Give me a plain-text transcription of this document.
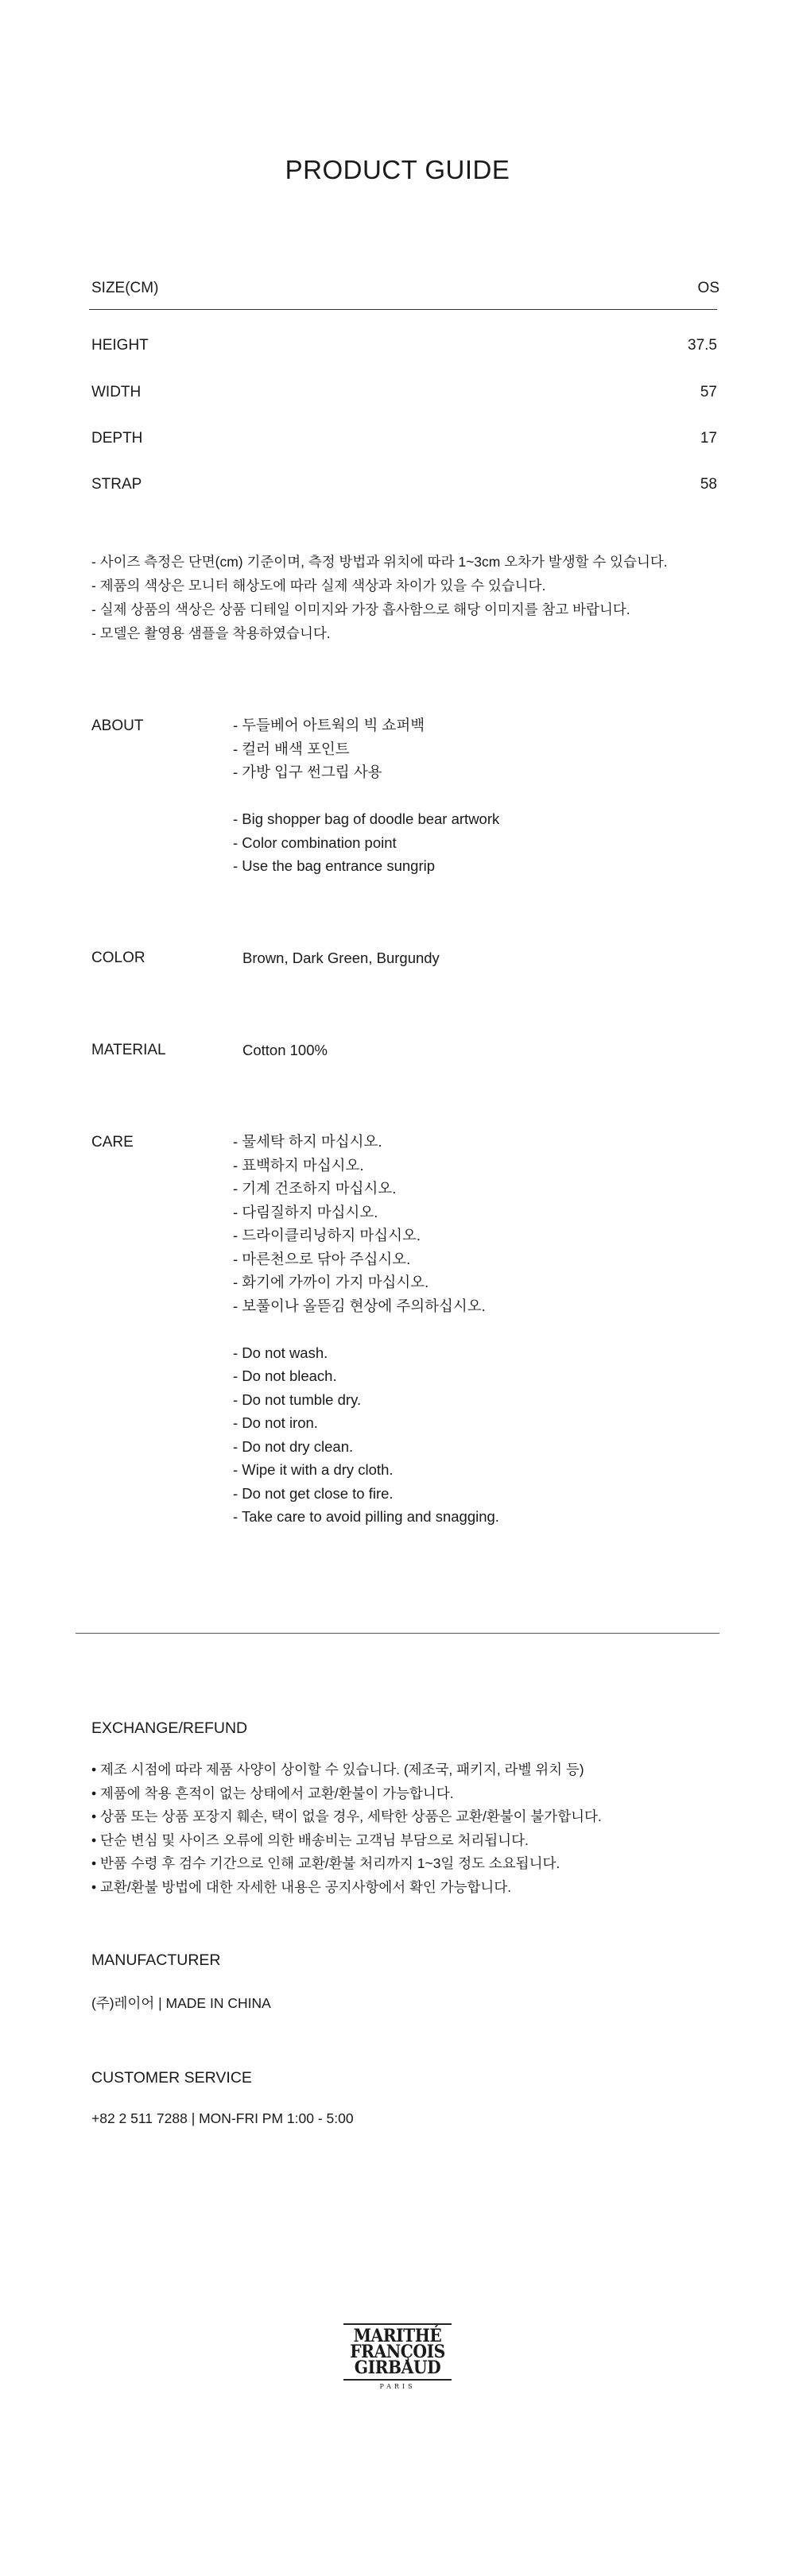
PRODUCT GUIDE
SIZE(CM)	OS
HEIGHT	37.5
WIDTH	57
DEPTH	17
STRAP	58
- 사이즈 측정은 단면(cm) 기준이며, 측정 방법과 위치에 따라 1~3cm 오차가 발생할 수 있습니다.
- 제품의 색상은 모니터 해상도에 따라 실제 색상과 차이가 있을 수 있습니다.
- 실제 상품의 색상은 상품 디테일 이미지와 가장 흡사함으로 해당 이미지를 참고 바랍니다.
- 모델은 촬영용 샘플을 착용하였습니다.
ABOUT	- 두들베어 아트웍의 빅 쇼퍼백
- 컬러 배색 포인트
- 가방 입구 썬그립 사용
- Big shopper bag of doodle bear artwork
- Color combination point
- Use the bag entrance sungrip
COLOR	Brown, Dark Green, Burgundy
MATERIAL	Cotton 100%
CARE	- 물세탁 하지 마십시오.
- 표백하지 마십시오.
- 기계 건조하지 마십시오.
- 다림질하지 마십시오.
- 드라이클리닝하지 마십시오.
- 마른천으로 닦아 주십시오.
- 화기에 가까이 가지 마십시오.
- 보풀이나 올뜯김 현상에 주의하십시오.
- Do not wash.
- Do not bleach.
- Do not tumble dry.
- Do not iron.
- Do not dry clean.
- Wipe it with a dry cloth.
- Do not get close to fire.
- Take care to avoid pilling and snagging.
EXCHANGE/REFUND
• 제조 시점에 따라 제품 사양이 상이할 수 있습니다. (제조국, 패키지, 라벨 위치 등)
• 제품에 착용 흔적이 없는 상태에서 교환/환불이 가능합니다.
• 상품 또는 상품 포장지 훼손, 택이 없을 경우, 세탁한 상품은 교환/환불이 불가합니다.
• 단순 변심 및 사이즈 오류에 의한 배송비는 고객님 부담으로 처리됩니다.
• 반품 수령 후 검수 기간으로 인해 교환/환불 처리까지 1~3일 정도 소요됩니다.
• 교환/환불 방법에 대한 자세한 내용은 공지사항에서 확인 가능합니다.
MANUFACTURER
(주)레이어 | MADE IN CHINA
CUSTOMER SERVICE
+82 2 511 7288 | MON-FRI PM 1:00 - 5:00
MARITHÉ
FRANÇOIS
GIRBAUD
PARIS
